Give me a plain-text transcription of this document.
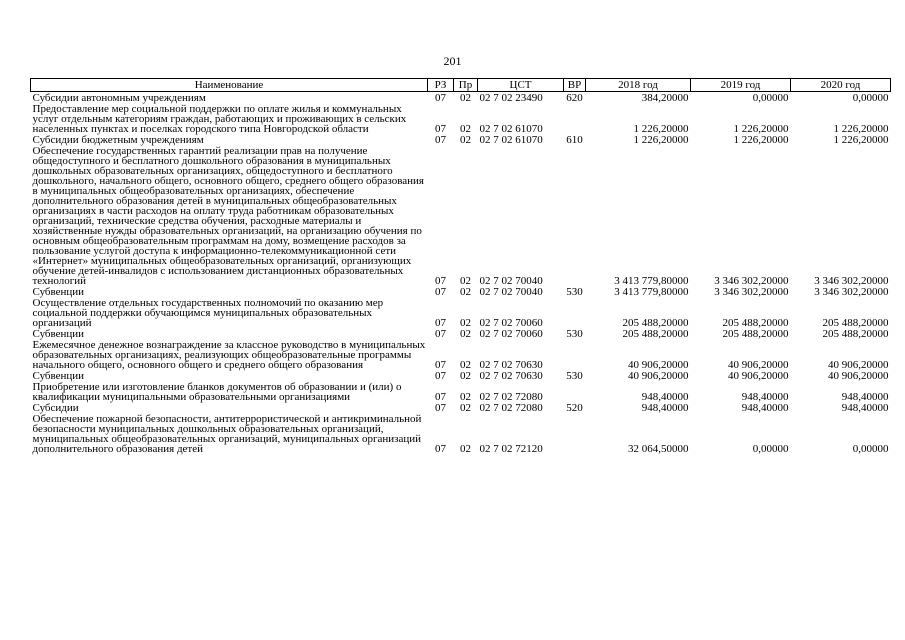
201
Наименование	РЗ	Пр	ЦСТ	ВР	2018 год	2019 год	2020 год
Субсидии автономным учреждениям	07	02	02 7 02 23490	620	384,20000	0,00000	0,00000
Предоставление мер социальной поддержки по оплате жилья и коммунальных услуг отдельным категориям граждан, работающих и проживающих в сельских населенных пунктах и поселках городского типа Новгородской области	07	02	02 7 02 61070		1 226,20000	1 226,20000	1 226,20000
Субсидии бюджетным учреждениям	07	02	02 7 02 61070	610	1 226,20000	1 226,20000	1 226,20000
Обеспечение государственных гарантий реализации прав на получение общедоступного и бесплатного дошкольного образования в муниципальных дошкольных образовательных организациях, общедоступного и бесплатного дошкольного, начального общего, основного общего, среднего общего образования в муниципальных общеобразовательных организациях, обеспечение дополнительного образования детей в муниципальных общеобразовательных организациях в части расходов на оплату труда работникам образовательных организаций, технические средства обучения, расходные материалы и хозяйственные нужды образовательных организаций, на организацию обучения по основным общеобразовательным программам на дому, возмещение расходов за пользование услугой доступа к информационно-телекоммуникационной сети «Интернет» муниципальных общеобразовательных организаций, организующих обучение детей-инвалидов с использованием дистанционных образовательных технологий	07	02	02 7 02 70040		3 413 779,80000	3 346 302,20000	3 346 302,20000
Субвенции	07	02	02 7 02 70040	530	3 413 779,80000	3 346 302,20000	3 346 302,20000
Осуществление отдельных государственных полномочий по оказанию мер социальной поддержки обучающимся муниципальных образовательных организаций	07	02	02 7 02 70060		205 488,20000	205 488,20000	205 488,20000
Субвенции	07	02	02 7 02 70060	530	205 488,20000	205 488,20000	205 488,20000
Ежемесячное денежное вознаграждение за классное руководство в муниципальных образовательных организациях, реализующих общеобразовательные программы начального общего, основного общего и среднего общего образования	07	02	02 7 02 70630		40 906,20000	40 906,20000	40 906,20000
Субвенции	07	02	02 7 02 70630	530	40 906,20000	40 906,20000	40 906,20000
Приобретение или изготовление бланков документов об образовании и (или) о квалификации муниципальными образовательными организациями	07	02	02 7 02 72080		948,40000	948,40000	948,40000
Субсидии	07	02	02 7 02 72080	520	948,40000	948,40000	948,40000
Обеспечение пожарной безопасности, антитеррористической и антикриминальной безопасности муниципальных дошкольных образовательных организаций, муниципальных общеобразовательных организаций, муниципальных организаций дополнительного образования детей	07	02	02 7 02 72120		32 064,50000	0,00000	0,00000
